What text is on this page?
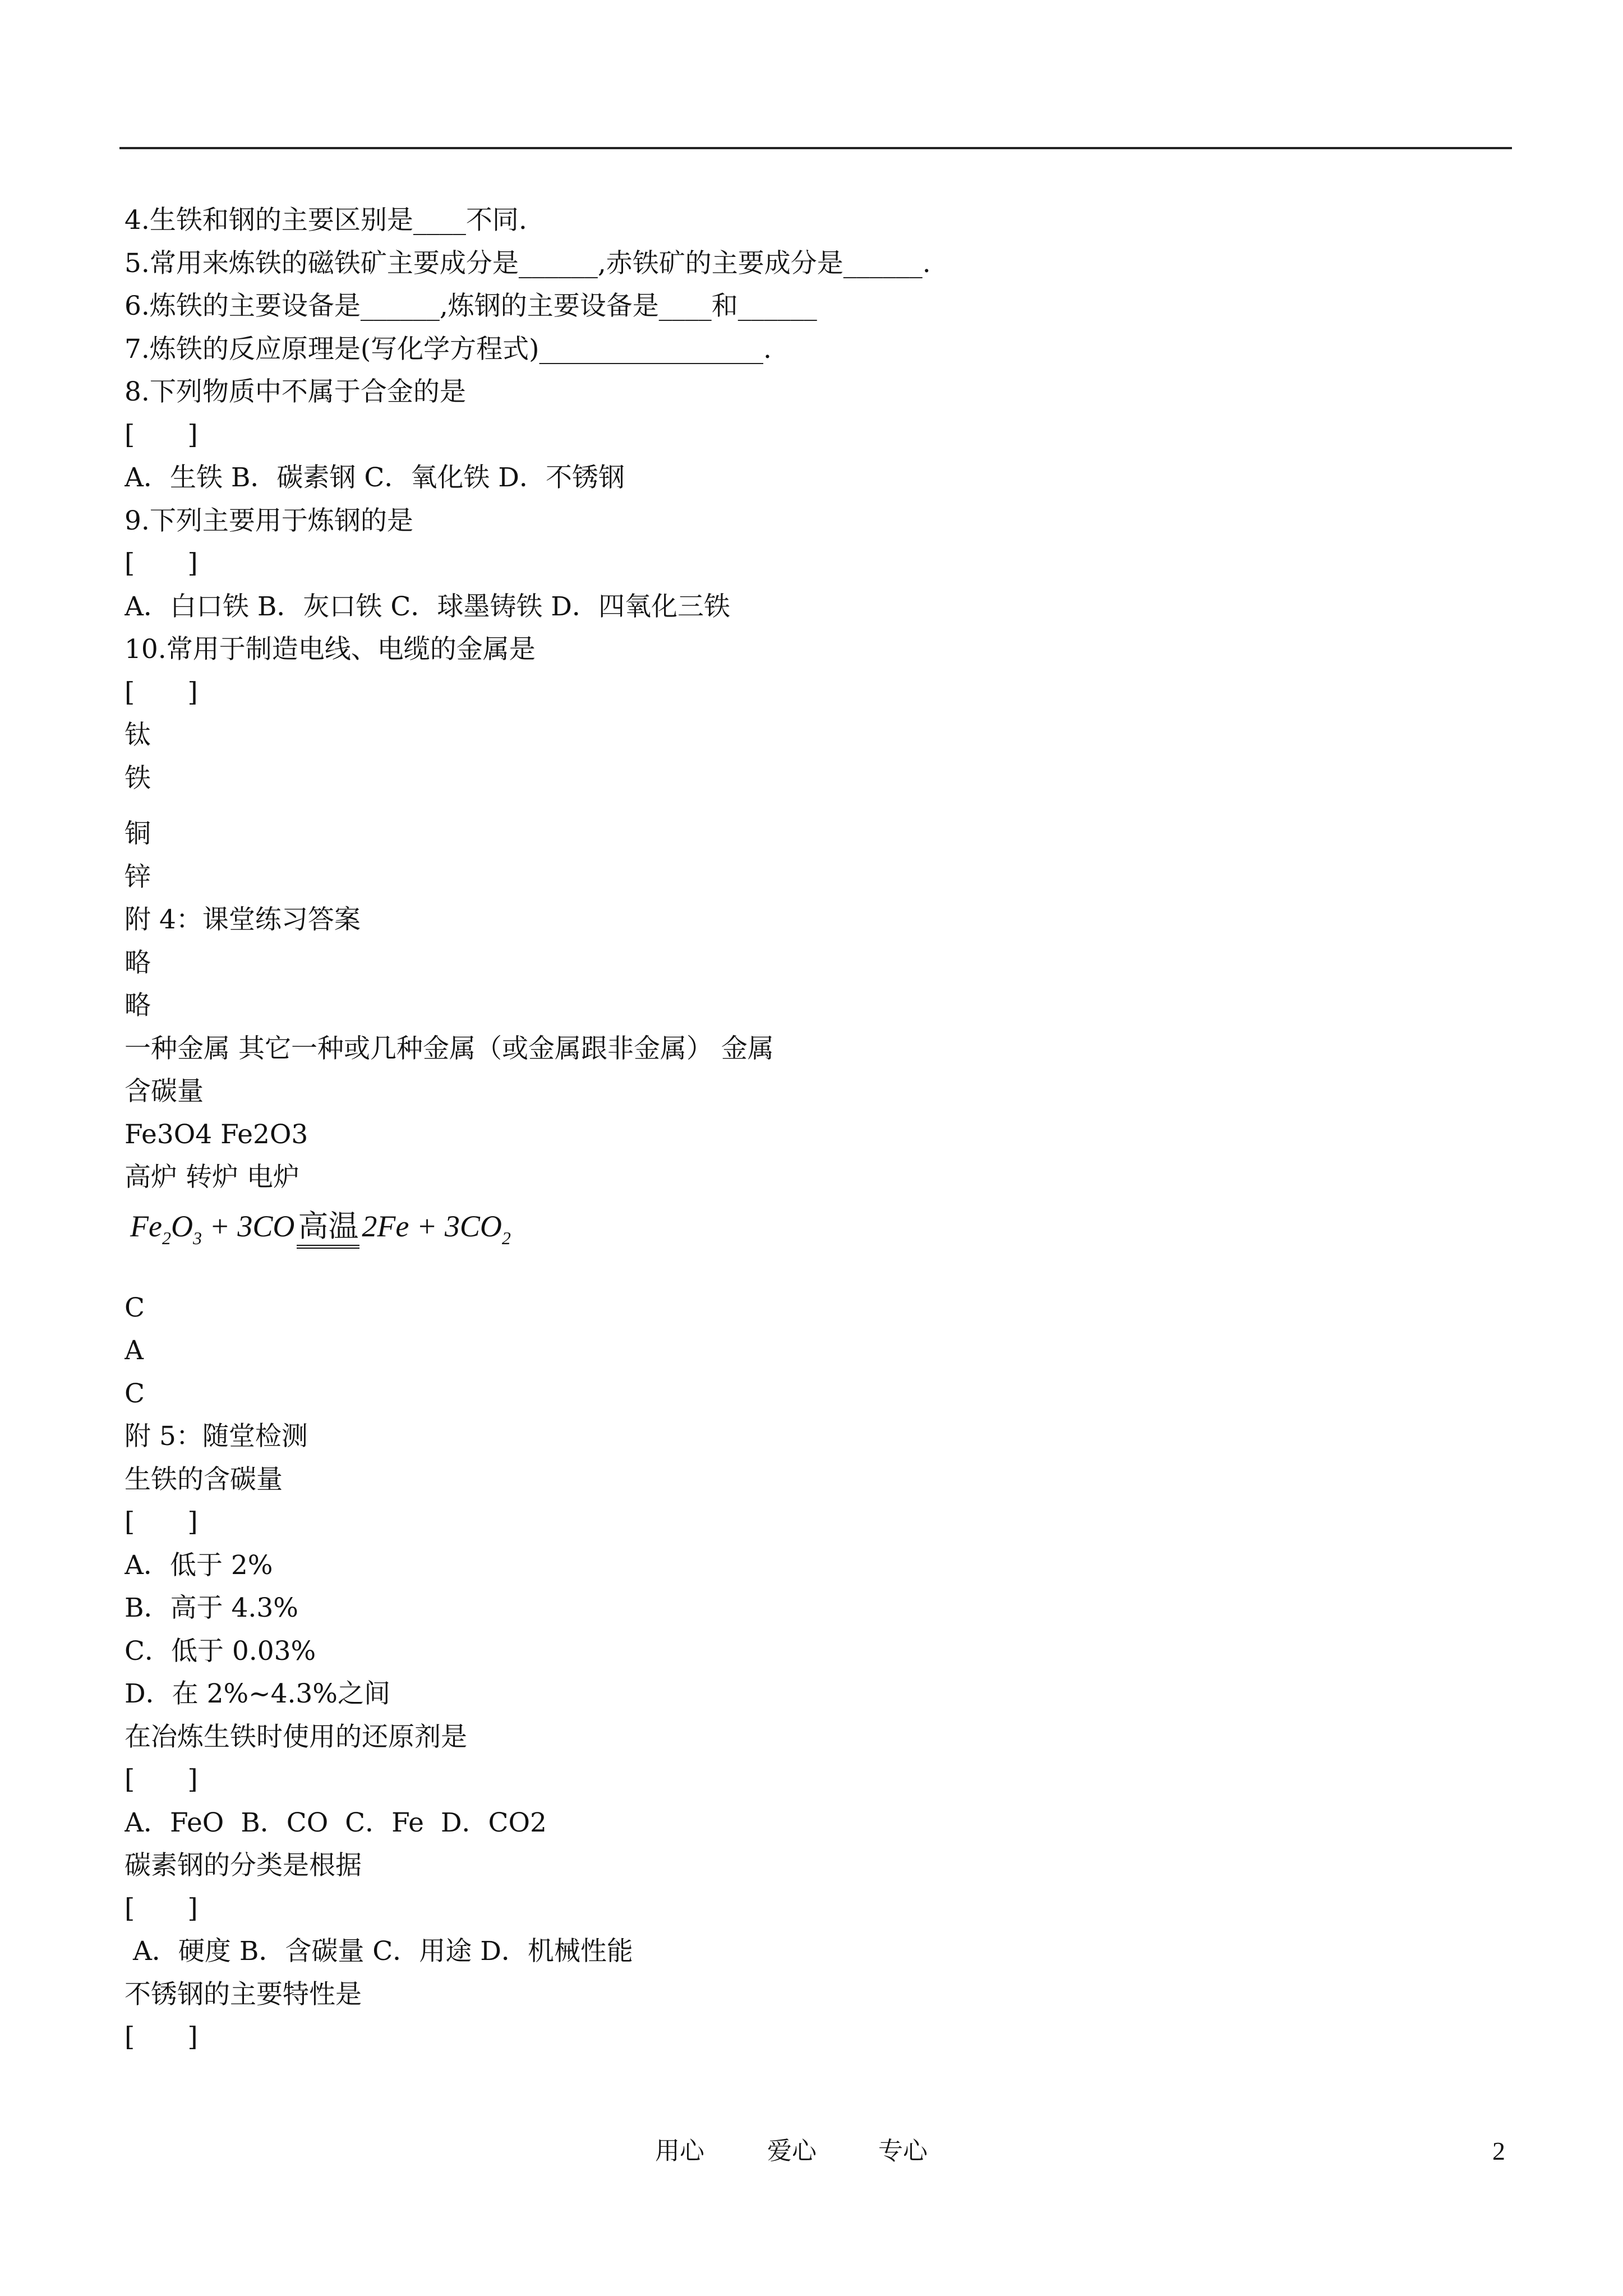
4.生铁和钢的主要区别是____不同.
5.常用来炼铁的磁铁矿主要成分是______,赤铁矿的主要成分是______.
6.炼铁的主要设备是______,炼钢的主要设备是____和______
7.炼铁的反应原理是(写化学方程式)_________________.
8.下列物质中不属于合金的是
[　　]
A．生铁 B．碳素钢 C．氧化铁 D．不锈钢
9.下列主要用于炼钢的是
[　　]
A．白口铁 B．灰口铁 C．球墨铸铁 D．四氧化三铁
10.常用于制造电线、电缆的金属是
[　　]
钛
铁
铜
锌
附 4：课堂练习答案
略
略
一种金属 其它一种或几种金属（或金属跟非金属） 金属
含碳量
Fe3O4 Fe2O3
高炉 转炉 电炉
$Fe_2O_3 + 3CO$ 高温 $2Fe + 3CO_2$
C
A
C
附 5：随堂检测
生铁的含碳量
[　　]
A．低于 2%
B．高于 4.3%
C．低于 0.03%
D．在 2%~4.3%之间
在冶炼生铁时使用的还原剂是
[　　]
A．FeO  B．CO  C．Fe  D．CO2
碳素钢的分类是根据
[　　]
A．硬度 B．含碳量 C．用途 D．机械性能
不锈钢的主要特性是
[　　]
用心	爱心	专心	2
